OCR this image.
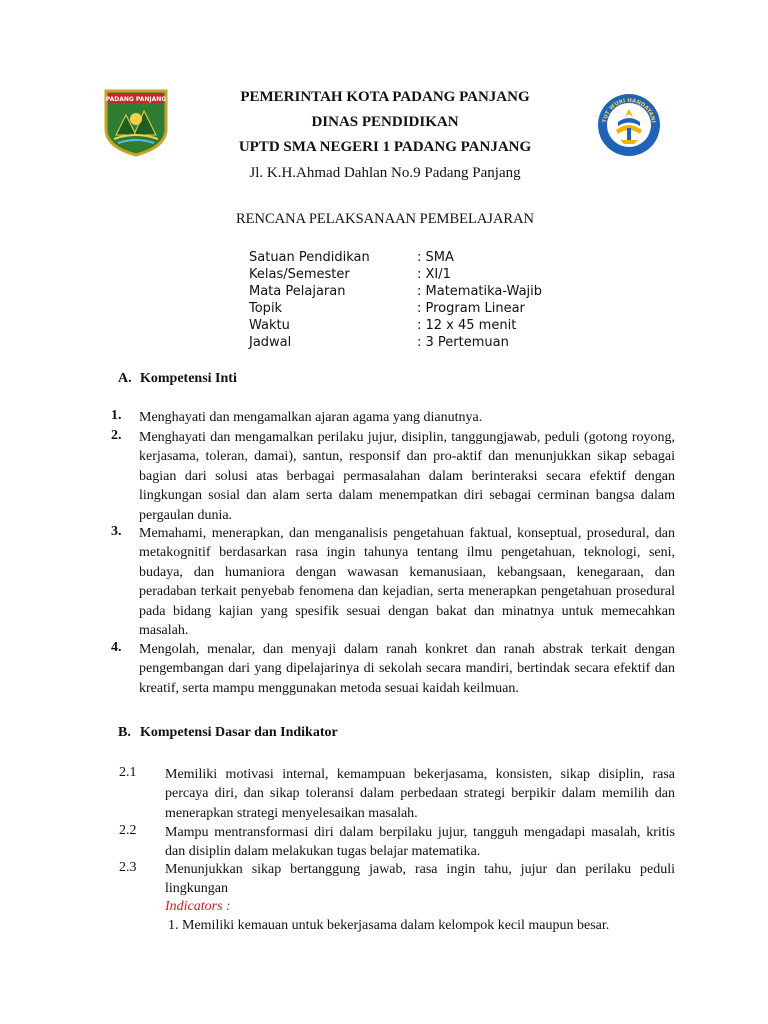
PADANG PANJANG
TUT WURI HANDAYANI
PEMERINTAH KOTA PADANG PANJANG
DINAS PENDIDIKAN
UPTD SMA NEGERI 1 PADANG PANJANG
Jl. K.H.Ahmad Dahlan No.9 Padang Panjang
RENCANA PELAKSANAAN PEMBELAJARAN
Satuan Pendidikan	: SMA
Kelas/Semester	: XI/1
Mata Pelajaran	: Matematika-Wajib
Topik	: Program Linear
Waktu	: 12 x 45 menit
Jadwal	: 3 Pertemuan
A. Kompetensi Inti
1. Menghayati dan mengamalkan ajaran agama yang dianutnya.

2. Menghayati dan mengamalkan perilaku jujur, disiplin, tanggungjawab, peduli (gotong royong, kerjasama, toleran, damai), santun, responsif dan pro-aktif dan menunjukkan sikap sebagai bagian dari solusi atas berbagai permasalahan dalam berinteraksi secara efektif dengan lingkungan sosial dan alam serta dalam menempatkan diri sebagai cerminan bangsa dalam pergaulan dunia.

3. Memahami, menerapkan, dan menganalisis pengetahuan faktual, konseptual, prosedural, dan metakognitif berdasarkan rasa ingin tahunya tentang ilmu pengetahuan, teknologi, seni, budaya, dan humaniora dengan wawasan kemanusiaan, kebangsaan, kenegaraan, dan peradaban terkait penyebab fenomena dan kejadian, serta menerapkan pengetahuan prosedural pada bidang kajian yang spesifik sesuai dengan bakat dan minatnya untuk memecahkan masalah.

4. Mengolah, menalar, dan menyaji dalam ranah konkret dan ranah abstrak terkait dengan pengembangan dari yang dipelajarinya di sekolah secara mandiri, bertindak secara efektif dan kreatif, serta mampu menggunakan metoda sesuai kaidah keilmuan.

B. Kompetensi Dasar dan Indikator
2.1 Memiliki motivasi internal, kemampuan bekerjasama, konsisten, sikap disiplin, rasa percaya diri, dan sikap toleransi dalam perbedaan strategi berpikir dalam memilih dan menerapkan strategi menyelesaikan masalah.

2.2 Mampu mentransformasi diri dalam berpilaku jujur, tangguh mengadapi masalah, kritis dan disiplin dalam melakukan tugas belajar matematika.

2.3 Menunjukkan sikap bertanggung jawab, rasa ingin tahu, jujur dan perilaku peduli lingkungan

Indicators :
1. Memiliki kemauan untuk bekerjasama dalam kelompok kecil maupun besar.
